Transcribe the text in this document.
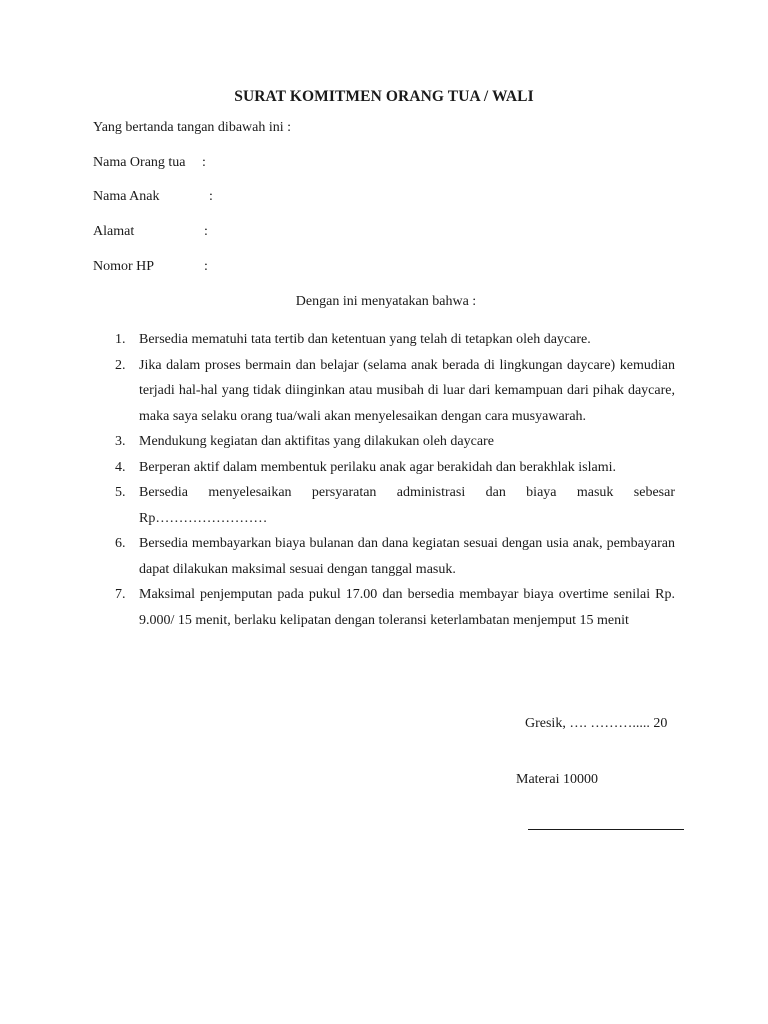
SURAT KOMITMEN ORANG TUA / WALI
Yang bertanda tangan dibawah ini :
Nama Orang tua :
Nama Anak	:
Alamat	:
Nomor HP	:
Dengan ini menyatakan bahwa :
1. Bersedia mematuhi tata tertib dan ketentuan yang telah di tetapkan oleh daycare.
2. Jika dalam proses bermain dan belajar (selama anak berada di lingkungan daycare) kemudian terjadi hal-hal yang tidak diinginkan atau musibah di luar dari kemampuan dari pihak daycare, maka saya selaku orang tua/wali akan menyelesaikan dengan cara musyawarah.
3. Mendukung kegiatan dan aktifitas yang dilakukan oleh daycare
4. Berperan aktif dalam membentuk perilaku anak agar berakidah dan berakhlak islami.
5. Bersedia menyelesaikan persyaratan administrasi dan biaya masuk sebesar Rp……………………
6. Bersedia membayarkan biaya bulanan dan dana kegiatan sesuai dengan usia anak, pembayaran dapat dilakukan maksimal sesuai dengan tanggal masuk.
7. Maksimal penjemputan pada pukul 17.00 dan bersedia membayar biaya overtime senilai Rp. 9.000/ 15 menit, berlaku kelipatan dengan toleransi keterlambatan menjemput 15 menit
Gresik, …. ………..... 20
Materai 10000
